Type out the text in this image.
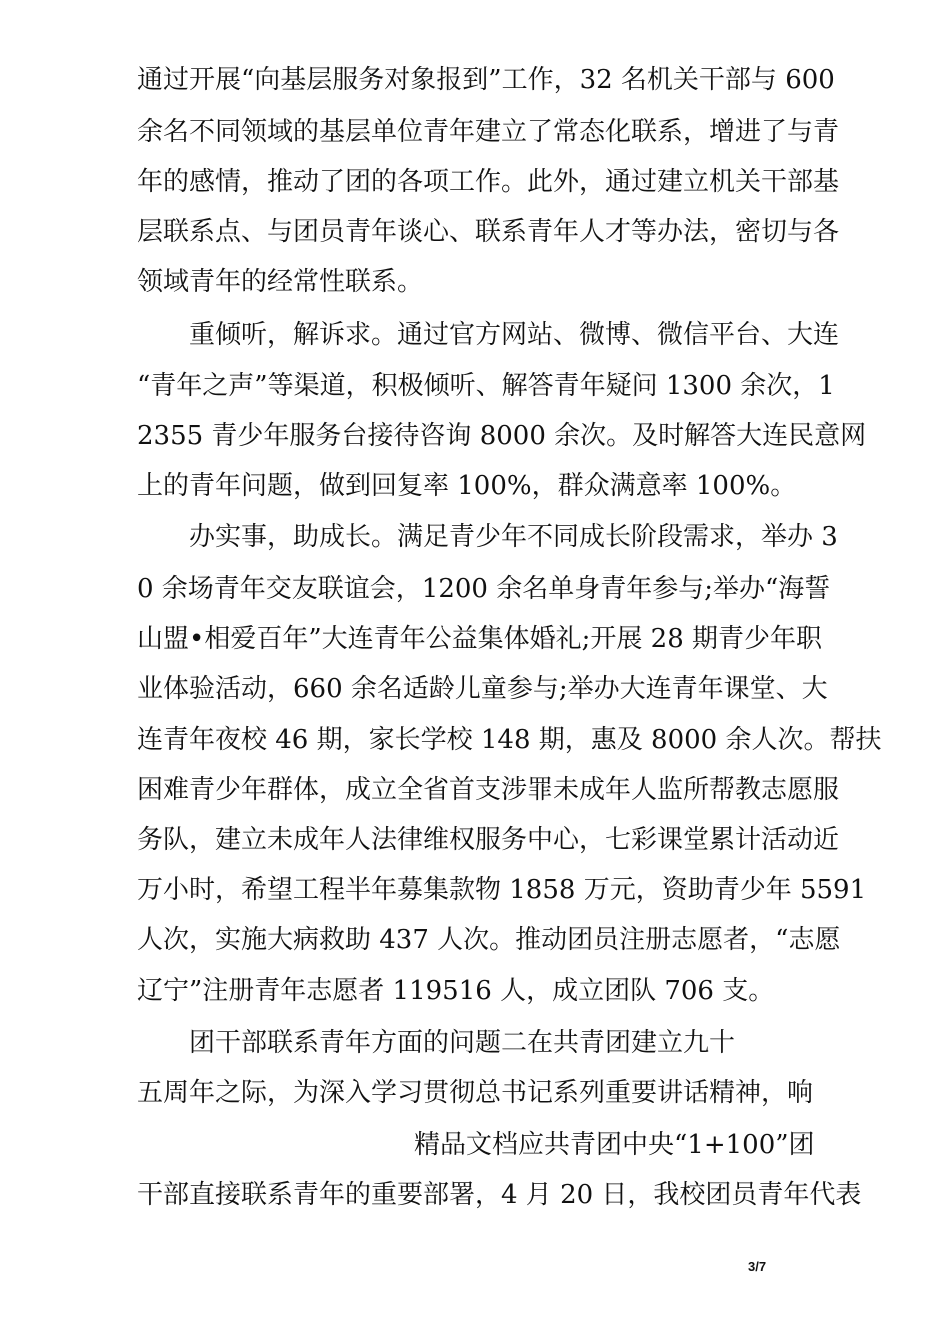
通过开展“向基层服务对象报到”工作，32 名机关干部与 600
余名不同领域的基层单位青年建立了常态化联系，增进了与青
年的感情，推动了团的各项工作。此外，通过建立机关干部基
层联系点、与团员青年谈心、联系青年人才等办法，密切与各
领域青年的经常性联系。
重倾听，解诉求。通过官方网站、微博、微信平台、大连
“青年之声”等渠道，积极倾听、解答青年疑问 1300 余次，1
2355 青少年服务台接待咨询 8000 余次。及时解答大连民意网
上的青年问题，做到回复率 100%，群众满意率 100%。
办实事，助成长。满足青少年不同成长阶段需求，举办 3
0 余场青年交友联谊会，1200 余名单身青年参与;举办“海誓
山盟•相爱百年”大连青年公益集体婚礼;开展 28 期青少年职
业体验活动，660 余名适龄儿童参与;举办大连青年课堂、大
连青年夜校 46 期，家长学校 148 期，惠及 8000 余人次。帮扶
困难青少年群体，成立全省首支涉罪未成年人监所帮教志愿服
务队，建立未成年人法律维权服务中心，七彩课堂累计活动近
万小时，希望工程半年募集款物 1858 万元，资助青少年 5591
人次，实施大病救助 437 人次。推动团员注册志愿者，“志愿
辽宁”注册青年志愿者 119516 人，成立团队 706 支。
团干部联系青年方面的问题二在共青团建立九十
五周年之际，为深入学习贯彻总书记系列重要讲话精神，响
精品文档应共青团中央“1+100”团
干部直接联系青年的重要部署，4 月 20 日，我校团员青年代表
3/7
